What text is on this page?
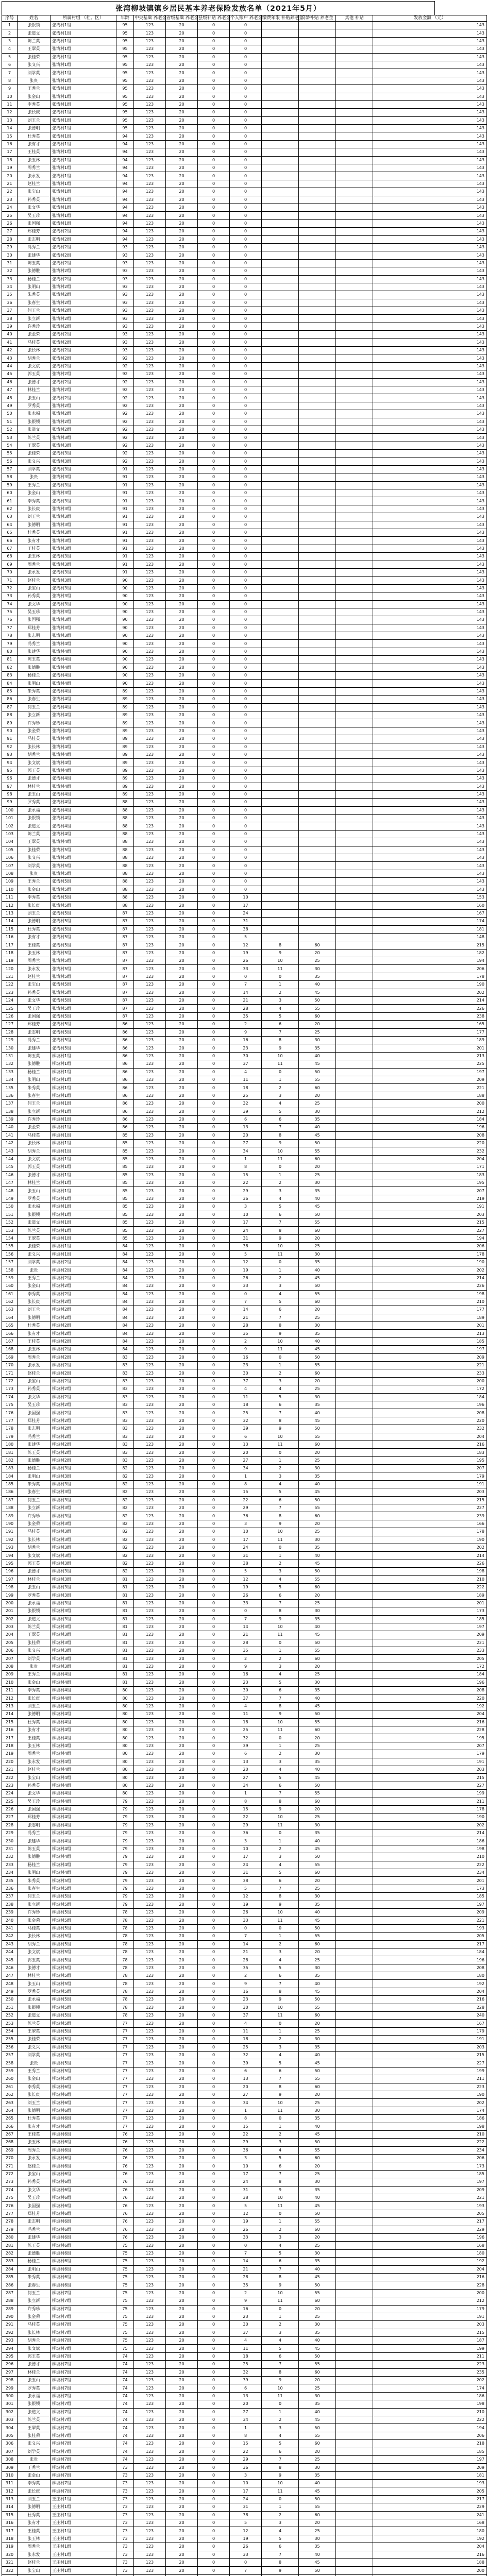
张湾柳坡镇镇乡居民基本养老保险发放名单（2021年5月）
序号	姓名	所属村组 （社、区）	年龄	中央基础 养老金	省级基础 养老金	县级补贴 养老金	个人账户 养老金	缴费年限 补贴养老金	高龄补贴 养老金	其他 补贴	发放金额 （元）
1	张银锁	张湾村1组	95	123	20	0	0				143
2	张道文	张湾村1组	95	123	20	0	0				143
3	陈兰英	张湾村1组	95	123	20	0	0				143
4	王翠英	张湾村1组	95	123	20	0	0				143
5	张桂荣	张湾村1组	95	123	20	0	0				143
6	张义兴	张湾村1组	95	123	20	0	0				143
7	刘学英	张湾村1组	95	123	20	0	0				143
8	张贵	张湾村1组	95	123	20	0	0				143
9	王秀兰	张湾村1组	95	123	20	0	0				143
10	张金山	张湾村1组	95	123	20	0	0				143
11	李秀英	张湾村1组	95	123	20	0	0				143
12	张长庚	张湾村1组	95	123	20	0	0				143
13	刘玉兰	张湾村1组	95	123	20	0	0				143
14	张德明	张湾村1组	95	123	20	0	0				143
15	杜秀英	张湾村1组	94	123	20	0	0				143
16	张有才	张湾村1组	94	123	20	0	0				143
17	王桂英	张湾村1组	94	123	20	0	0				143
18	张玉林	张湾村1组	94	123	20	0	0				143
19	周秀兰	张湾村1组	94	123	20	0	0				143
20	张永发	张湾村1组	94	123	20	0	0				143
21	赵桂兰	张湾村1组	94	123	20	0	0				143
22	张宝山	张湾村1组	94	123	20	0	0				143
23	孙秀英	张湾村1组	94	123	20	0	0				143
24	张文华	张湾村1组	94	123	20	0	0				143
25	吴玉珍	张湾村1组	94	123	20	0	0				143
26	张国强	张湾村1组	94	123	20	0	0				143
27	郑桂芳	张湾村2组	94	123	20	0	0				143
28	张志明	张湾村2组	94	123	20	0	0				143
29	冯秀兰	张湾村2组	93	123	20	0	0				143
30	张建华	张湾村2组	93	123	20	0	0				143
31	陈玉英	张湾村2组	93	123	20	0	0				143
32	张德胜	张湾村2组	93	123	20	0	0				143
33	杨桂兰	张湾村2组	93	123	20	0	0				143
34	张明山	张湾村2组	93	123	20	0	0				143
35	朱秀英	张湾村2组	93	123	20	0	0				143
36	张春生	张湾村2组	93	123	20	0	0				143
37	何玉兰	张湾村2组	93	123	20	0	0				143
38	张立新	张湾村2组	93	123	20	0	0				143
39	许秀珍	张湾村2组	93	123	20	0	0				143
40	张金荣	张湾村2组	93	123	20	0	0				143
41	马桂英	张湾村2组	93	123	20	0	0				143
42	张长林	张湾村2组	93	123	20	0	0				143
43	胡秀兰	张湾村2组	92	123	20	0	0				143
44	张文斌	张湾村2组	92	123	20	0	0				143
45	郭玉英	张湾村2组	92	123	20	0	0				143
46	张德才	张湾村2组	92	123	20	0	0				143
47	林桂兰	张湾村2组	92	123	20	0	0				143
48	张玉山	张湾村2组	92	123	20	0	0				143
49	罗秀英	张湾村2组	92	123	20	0	0				143
50	张永福	张湾村2组	92	123	20	0	0				143
51	张银锁	张湾村2组	92	123	20	0	0				143
52	张道文	张湾村2组	92	123	20	0	0				143
53	陈兰英	张湾村3组	92	123	20	0	0				143
54	王翠英	张湾村3组	92	123	20	0	0				143
55	张桂荣	张湾村3组	92	123	20	0	0				143
56	张义兴	张湾村3组	92	123	20	0	0				143
57	刘学英	张湾村3组	91	123	20	0	0				143
58	张贵	张湾村3组	91	123	20	0	0				143
59	王秀兰	张湾村3组	91	123	20	0	0				143
60	张金山	张湾村3组	91	123	20	0	0				143
61	李秀英	张湾村3组	91	123	20	0	0				143
62	张长庚	张湾村3组	91	123	20	0	0				143
63	刘玉兰	张湾村3组	91	123	20	0	0				143
64	张德明	张湾村3组	91	123	20	0	0				143
65	杜秀英	张湾村3组	91	123	20	0	0				143
66	张有才	张湾村3组	91	123	20	0	0				143
67	王桂英	张湾村3组	91	123	20	0	0				143
68	张玉林	张湾村3组	91	123	20	0	0				143
69	周秀兰	张湾村3组	91	123	20	0	0				143
70	张永发	张湾村3组	91	123	20	0	0				143
71	赵桂兰	张湾村3组	90	123	20	0	0				143
72	张宝山	张湾村3组	90	123	20	0	0				143
73	孙秀英	张湾村3组	90	123	20	0	0				143
74	张文华	张湾村3组	90	123	20	0	0				143
75	吴玉珍	张湾村3组	90	123	20	0	0				143
76	张国强	张湾村3组	90	123	20	0	0				143
77	郑桂芳	张湾村3组	90	123	20	0	0				143
78	张志明	张湾村3组	90	123	20	0	0				143
79	冯秀兰	张湾村4组	90	123	20	0	0				143
80	张建华	张湾村4组	90	123	20	0	0				143
81	陈玉英	张湾村4组	90	123	20	0	0				143
82	张德胜	张湾村4组	90	123	20	0	0				143
83	杨桂兰	张湾村4组	90	123	20	0	0				143
84	张明山	张湾村4组	90	123	20	0	0				143
85	朱秀英	张湾村4组	89	123	20	0	0				143
86	张春生	张湾村4组	89	123	20	0	0				143
87	何玉兰	张湾村4组	89	123	20	0	0				143
88	张立新	张湾村4组	89	123	20	0	0				143
89	许秀珍	张湾村4组	89	123	20	0	0				143
90	张金荣	张湾村4组	89	123	20	0	0				143
91	马桂英	张湾村4组	89	123	20	0	0				143
92	张长林	张湾村4组	89	123	20	0	0				143
93	胡秀兰	张湾村4组	89	123	20	0	0				143
94	张文斌	张湾村4组	89	123	20	0	0				143
95	郭玉英	张湾村4组	89	123	20	0	0				143
96	张德才	张湾村4组	89	123	20	0	0				143
97	林桂兰	张湾村4组	89	123	20	0	0				143
98	张玉山	张湾村4组	89	123	20	0	0				143
99	罗秀英	张湾村4组	88	123	20	0	0				143
100	张永福	张湾村4组	88	123	20	0	0				143
101	张银锁	张湾村4组	88	123	20	0	0				143
102	张道文	张湾村4组	88	123	20	0	0				143
103	陈兰英	张湾村4组	88	123	20	0	0				143
104	王翠英	张湾村4组	88	123	20	0	0				143
105	张桂荣	张湾村5组	88	123	20	0	0				143
106	张义兴	张湾村5组	88	123	20	0	0				143
107	刘学英	张湾村5组	88	123	20	0	0				143
108	张贵	张湾村5组	88	123	20	0	0				143
109	王秀兰	张湾村5组	88	123	20	0	0				143
110	张金山	张湾村5组	88	123	20	0	0				143
111	李秀英	张湾村5组	88	123	20	0	10				153
112	张长庚	张湾村5组	88	123	20	0	17				160
113	刘玉兰	张湾村5组	87	123	20	0	24				167
114	张德明	张湾村5组	87	123	20	0	31				174
115	杜秀英	张湾村5组	87	123	20	0	38				181
116	张有才	张湾村5组	87	123	20	0	5				148
117	王桂英	张湾村5组	87	123	20	0	12	8	60		215
118	张玉林	张湾村5组	87	123	20	0	19	9	20		182
119	周秀兰	张湾村5组	87	123	20	0	26	10	25		194
120	张永发	张湾村5组	87	123	20	0	33	11	30		206
121	赵桂兰	张湾村5组	87	123	20	0	0	0	35		178
122	张宝山	张湾村5组	87	123	20	0	7	1	40		190
123	孙秀英	张湾村5组	87	123	20	0	14	2	45		202
124	张文华	张湾村5组	87	123	20	0	21	3	50		214
125	吴玉珍	张湾村5组	87	123	20	0	28	4	55		226
126	张国强	张湾村5组	87	123	20	0	35	5	60		238
127	郑桂芳	张湾村5组	86	123	20	0	2	6	20		165
128	张志明	张湾村5组	86	123	20	0	9	7	25		177
129	冯秀兰	张湾村5组	86	123	20	0	16	8	30		189
130	张建华	张湾村5组	86	123	20	0	23	9	35		201
131	陈玉英	柳坡村1组	86	123	20	0	30	10	40		213
132	张德胜	柳坡村1组	86	123	20	0	37	11	45		225
133	杨桂兰	柳坡村1组	86	123	20	0	4	0	50		197
134	张明山	柳坡村1组	86	123	20	0	11	1	55		209
135	朱秀英	柳坡村1组	86	123	20	0	18	2	60		221
136	张春生	柳坡村1组	86	123	20	0	25	3	20		188
137	何玉兰	柳坡村1组	86	123	20	0	32	4	25		200
138	张立新	柳坡村1组	86	123	20	0	39	5	30		212
139	许秀珍	柳坡村1组	86	123	20	0	6	6	35		184
140	张金荣	柳坡村1组	86	123	20	0	13	7	40		196
141	马桂英	柳坡村1组	85	123	20	0	20	8	45		208
142	张长林	柳坡村1组	85	123	20	0	27	9	50		220
143	胡秀兰	柳坡村1组	85	123	20	0	34	10	55		232
144	张文斌	柳坡村1组	85	123	20	0	1	11	60		204
145	郭玉英	柳坡村1组	85	123	20	0	8	0	20		171
146	张德才	柳坡村1组	85	123	20	0	15	1	25		183
147	林桂兰	柳坡村1组	85	123	20	0	22	2	30		195
148	张玉山	柳坡村1组	85	123	20	0	29	3	35		207
149	罗秀英	柳坡村1组	85	123	20	0	36	4	40		219
150	张永福	柳坡村1组	85	123	20	0	3	5	45		191
151	张银锁	柳坡村1组	85	123	20	0	10	6	50		203
152	张道文	柳坡村1组	85	123	20	0	17	7	55		215
153	陈兰英	柳坡村1组	85	123	20	0	24	8	60		227
154	王翠英	柳坡村1组	85	123	20	0	31	9	20		194
155	张桂荣	柳坡村1组	84	123	20	0	38	10	25		206
156	张义兴	柳坡村1组	84	123	20	0	5	11	30		178
157	刘学英	柳坡村2组	84	123	20	0	12	0	35		190
158	张贵	柳坡村2组	84	123	20	0	19	1	40		202
159	王秀兰	柳坡村2组	84	123	20	0	26	2	45		214
160	张金山	柳坡村2组	84	123	20	0	33	3	50		226
161	李秀英	柳坡村2组	84	123	20	0	0	4	55		198
162	张长庚	柳坡村2组	84	123	20	0	7	5	60		210
163	刘玉兰	柳坡村2组	84	123	20	0	14	6	20		177
164	张德明	柳坡村2组	84	123	20	0	21	7	25		189
165	杜秀英	柳坡村2组	84	123	20	0	28	8	30		201
166	张有才	柳坡村2组	84	123	20	0	35	9	35		213
167	王桂英	柳坡村2组	84	123	20	0	2	10	40		185
168	张玉林	柳坡村2组	84	123	20	0	9	11	45		197
169	周秀兰	柳坡村2组	83	123	20	0	16	0	50		209
170	张永发	柳坡村2组	83	123	20	0	23	1	55		221
171	赵桂兰	柳坡村2组	83	123	20	0	30	2	60		233
172	张宝山	柳坡村2组	83	123	20	0	37	3	20		200
173	孙秀英	柳坡村2组	83	123	20	0	4	4	25		172
174	张文华	柳坡村2组	83	123	20	0	11	5	30		184
175	吴玉珍	柳坡村2组	83	123	20	0	18	6	35		196
176	张国强	柳坡村2组	83	123	20	0	25	7	40		208
177	郑桂芳	柳坡村2组	83	123	20	0	32	8	45		220
178	张志明	柳坡村2组	83	123	20	0	39	9	50		232
179	冯秀兰	柳坡村2组	83	123	20	0	6	10	55		204
180	张建华	柳坡村2组	83	123	20	0	13	11	60		216
181	陈玉英	柳坡村2组	83	123	20	0	20	0	20		183
182	张德胜	柳坡村2组	83	123	20	0	27	1	25		195
183	杨桂兰	柳坡村3组	82	123	20	0	34	2	30		207
184	张明山	柳坡村3组	82	123	20	0	1	3	35		179
185	朱秀英	柳坡村3组	82	123	20	0	8	4	40		191
186	张春生	柳坡村3组	82	123	20	0	15	5	45		203
187	何玉兰	柳坡村3组	82	123	20	0	22	6	50		215
188	张立新	柳坡村3组	82	123	20	0	29	7	55		227
189	许秀珍	柳坡村3组	82	123	20	0	36	8	60		239
190	张金荣	柳坡村3组	82	123	20	0	3	9	20		166
191	马桂英	柳坡村3组	82	123	20	0	10	10	25		178
192	张长林	柳坡村3组	82	123	20	0	17	11	30		190
193	胡秀兰	柳坡村3组	82	123	20	0	24	0	35		202
194	张文斌	柳坡村3组	82	123	20	0	31	1	40		214
195	郭玉英	柳坡村3组	82	123	20	0	38	2	45		226
196	张德才	柳坡村3组	82	123	20	0	5	3	50		198
197	林桂兰	柳坡村3组	81	123	20	0	12	4	55		210
198	张玉山	柳坡村3组	81	123	20	0	19	5	60		222
199	罗秀英	柳坡村3组	81	123	20	0	26	6	20		189
200	张永福	柳坡村3组	81	123	20	0	33	7	25		201
201	张银锁	柳坡村3组	81	123	20	0	0	8	30		173
202	张道文	柳坡村3组	81	123	20	0	7	9	35		185
203	陈兰英	柳坡村3组	81	123	20	0	14	10	40		197
204	王翠英	柳坡村3组	81	123	20	0	21	11	45		209
205	张桂荣	柳坡村3组	81	123	20	0	28	0	50		221
206	张义兴	柳坡村3组	81	123	20	0	35	1	55		233
207	刘学英	柳坡村3组	81	123	20	0	2	2	60		205
208	张贵	柳坡村3组	81	123	20	0	9	3	20		172
209	王秀兰	柳坡村4组	81	123	20	0	16	4	25		184
210	张金山	柳坡村4组	81	123	20	0	23	5	30		196
211	李秀英	柳坡村4组	80	123	20	0	30	6	35		208
212	张长庚	柳坡村4组	80	123	20	0	37	7	40		220
213	刘玉兰	柳坡村4组	80	123	20	0	4	8	45		192
214	张德明	柳坡村4组	80	123	20	0	11	9	50		204
215	杜秀英	柳坡村4组	80	123	20	0	18	10	55		216
216	张有才	柳坡村4组	80	123	20	0	25	11	60		228
217	王桂英	柳坡村4组	80	123	20	0	32	0	20		195
218	张玉林	柳坡村4组	80	123	20	0	39	1	25		207
219	周秀兰	柳坡村4组	80	123	20	0	6	2	30		179
220	张永发	柳坡村4组	80	123	20	0	13	3	35		191
221	赵桂兰	柳坡村4组	80	123	20	0	20	4	40		203
222	张宝山	柳坡村4组	80	123	20	0	27	5	45		215
223	孙秀英	柳坡村4组	80	123	20	0	34	6	50		227
224	张文华	柳坡村4组	80	123	20	0	1	7	55		199
225	吴玉珍	柳坡村4组	79	123	20	0	8	8	60		211
226	张国强	柳坡村4组	79	123	20	0	15	9	20		178
227	郑桂芳	柳坡村4组	79	123	20	0	22	10	25		190
228	张志明	柳坡村4组	79	123	20	0	29	11	30		202
229	冯秀兰	柳坡村4组	79	123	20	0	36	0	35		214
230	张建华	柳坡村4组	79	123	20	0	3	1	40		186
231	陈玉英	柳坡村4组	79	123	20	0	10	2	45		198
232	张德胜	柳坡村4组	79	123	20	0	17	3	50		210
233	杨桂兰	柳坡村4组	79	123	20	0	24	4	55		222
234	张明山	柳坡村4组	79	123	20	0	31	5	60		234
235	朱秀英	柳坡村5组	79	123	20	0	38	6	20		201
236	张春生	柳坡村5组	79	123	20	0	5	7	25		173
237	何玉兰	柳坡村5组	79	123	20	0	12	8	30		185
238	张立新	柳坡村5组	79	123	20	0	19	9	35		197
239	许秀珍	柳坡村5组	78	123	20	0	26	10	40		209
240	张金荣	柳坡村5组	78	123	20	0	33	11	45		221
241	马桂英	柳坡村5组	78	123	20	0	0	0	50		193
242	张长林	柳坡村5组	78	123	20	0	7	1	55		205
243	胡秀兰	柳坡村5组	78	123	20	0	14	2	60		217
244	张文斌	柳坡村5组	78	123	20	0	21	3	20		184
245	郭玉英	柳坡村5组	78	123	20	0	28	4	25		196
246	张德才	柳坡村5组	78	123	20	0	35	5	30		208
247	林桂兰	柳坡村5组	78	123	20	0	2	6	35		180
248	张玉山	柳坡村5组	78	123	20	0	9	7	40		192
249	罗秀英	柳坡村5组	78	123	20	0	16	8	45		204
250	张永福	柳坡村5组	78	123	20	0	23	9	50		216
251	张银锁	柳坡村5组	78	123	20	0	30	10	55		228
252	张道文	柳坡村5组	78	123	20	0	37	11	60		240
253	陈兰英	柳坡村5组	77	123	20	0	4	0	20		167
254	王翠英	柳坡村5组	77	123	20	0	11	1	25		179
255	张桂荣	柳坡村5组	77	123	20	0	18	2	30		191
256	张义兴	柳坡村5组	77	123	20	0	25	3	35		203
257	刘学英	柳坡村5组	77	123	20	0	32	4	40		215
258	张贵	柳坡村5组	77	123	20	0	39	5	45		227
259	王秀兰	柳坡村5组	77	123	20	0	6	6	50		199
260	张金山	柳坡村5组	77	123	20	0	13	7	55		211
261	李秀英	柳坡村6组	77	123	20	0	20	8	60		223
262	张长庚	柳坡村6组	77	123	20	0	27	9	20		190
263	刘玉兰	柳坡村6组	77	123	20	0	34	10	25		202
264	张德明	柳坡村6组	77	123	20	0	1	11	30		174
265	杜秀英	柳坡村6组	77	123	20	0	8	0	35		186
266	张有才	柳坡村6组	77	123	20	0	15	1	40		198
267	王桂英	柳坡村6组	76	123	20	0	22	2	45		210
268	张玉林	柳坡村6组	76	123	20	0	29	3	50		222
269	周秀兰	柳坡村6组	76	123	20	0	36	4	55		234
270	张永发	柳坡村6组	76	123	20	0	3	5	60		206
271	赵桂兰	柳坡村6组	76	123	20	0	10	6	20		173
272	张宝山	柳坡村6组	76	123	20	0	17	7	25		185
273	孙秀英	柳坡村6组	76	123	20	0	24	8	30		197
274	张文华	柳坡村6组	76	123	20	0	31	9	35		209
275	吴玉珍	柳坡村6组	76	123	20	0	38	10	40		221
276	张国强	柳坡村6组	76	123	20	0	5	11	45		193
277	郑桂芳	柳坡村6组	76	123	20	0	12	0	50		205
278	张志明	柳坡村6组	76	123	20	0	19	1	55		217
279	冯秀兰	柳坡村6组	76	123	20	0	26	2	60		229
280	张建华	柳坡村6组	76	123	20	0	33	3	20		196
281	陈玉英	柳坡村6组	75	123	20	0	0	4	25		168
282	张德胜	柳坡村6组	75	123	20	0	7	5	30		180
283	杨桂兰	柳坡村6组	75	123	20	0	14	6	35		192
284	张明山	柳坡村6组	75	123	20	0	21	7	40		204
285	朱秀英	柳坡村6组	75	123	20	0	28	8	45		216
286	张春生	柳坡村6组	75	123	20	0	35	9	50		228
287	何玉兰	柳坡村7组	75	123	20	0	2	10	55		200
288	张立新	柳坡村7组	75	123	20	0	9	11	60		212
289	许秀珍	柳坡村7组	75	123	20	0	16	0	20		179
290	张金荣	柳坡村7组	75	123	20	0	23	1	25		191
291	马桂英	柳坡村7组	75	123	20	0	30	2	30		203
292	张长林	柳坡村7组	75	123	20	0	37	3	35		215
293	胡秀兰	柳坡村7组	75	123	20	0	4	4	40		187
294	张文斌	柳坡村7组	75	123	20	0	11	5	45		199
295	郭玉英	柳坡村7组	74	123	20	0	18	6	50		211
296	张德才	柳坡村7组	74	123	20	0	25	7	55		223
297	林桂兰	柳坡村7组	74	123	20	0	32	8	60		235
298	张玉山	柳坡村7组	74	123	20	0	39	9	20		202
299	罗秀英	柳坡村7组	74	123	20	0	6	10	25		174
300	张永福	柳坡村7组	74	123	20	0	13	11	30		186
301	张银锁	柳坡村7组	74	123	20	0	20	0	35		198
302	张道文	柳坡村7组	74	123	20	0	27	1	40		210
303	陈兰英	柳坡村7组	74	123	20	0	34	2	45		222
304	王翠英	柳坡村7组	74	123	20	0	1	3	50		194
305	张桂荣	柳坡村7组	74	123	20	0	8	4	55		206
306	张义兴	柳坡村7组	74	123	20	0	15	5	60		218
307	刘学英	柳坡村7组	74	123	20	0	22	6	20		185
308	张贵	柳坡村7组	74	123	20	0	29	7	25		197
309	王秀兰	柳坡村7组	73	123	20	0	36	8	30		209
310	张金山	柳坡村7组	73	123	20	0	3	9	35		181
311	李秀英	柳坡村7组	73	123	20	0	10	10	40		193
312	张长庚	柳坡村7组	73	123	20	0	17	11	45		205
313	刘玉兰	王庄村1组	73	123	20	0	24	0	50		217
314	张德明	王庄村1组	73	123	20	0	31	1	55		229
315	杜秀英	王庄村1组	73	123	20	0	38	2	60		241
316	张有才	王庄村1组	73	123	20	0	5	3	20		168
317	王桂英	王庄村1组	73	123	20	0	12	4	25		180
318	张玉林	王庄村1组	73	123	20	0	19	5	30		192
319	周秀兰	王庄村1组	73	123	20	0	26	6	35		204
320	张永发	王庄村1组	73	123	20	0	33	7	40		216
321	赵桂兰	王庄村1组	73	123	20	0	0	8	45		188
322	张宝山	王庄村1组	73	123	20	0	7	9	50		200
